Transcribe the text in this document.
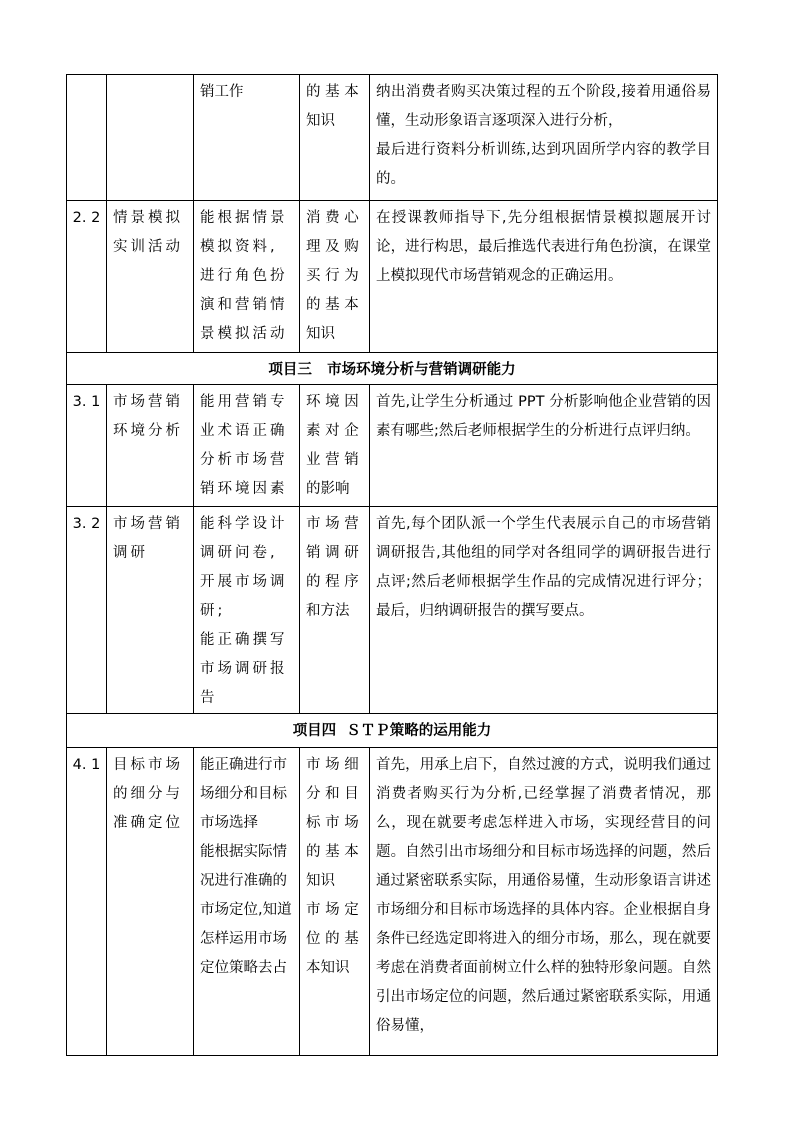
		销工作	的 基 本
知识	纳出消费者购买决策过程的五个阶段,接着用通俗易懂，生动形象语言逐项深入进行分析，
最后进行资料分析训练,达到巩固所学内容的教学目的。
2. 2	情景模拟实训活动	能根据情景模拟资料,进行角色扮演和营销情景模拟活动	消 费 心理 及 购买 行 为的 基 本知识	在授课教师指导下,先分组根据情景模拟题展开讨论，进行构思，最后推选代表进行角色扮演，在课堂上模拟现代市场营销观念的正确运用。
项目三   市场环境分析与营销调研能力				
3. 1	市场营销环境分析	能用营销专业术语正确分析市场营销环境因素	环 境 因素 对 企业 营 销的影响	首先,让学生分析通过 PPT 分析影响他企业营销的因素有哪些;然后老师根据学生的分析进行点评归纳。
3. 2	市场营销调研	能科学设计调研问卷,开展市场调研;
能正确撰写市场调研报告	市 场 营销 调 研的 程 序和方法	首先,每个团队派一个学生代表展示自己的市场营销调研报告,其他组的同学对各组同学的调研报告进行点评;然后老师根据学生作品的完成情况进行评分；最后，归纳调研报告的撰写要点。
项目四  ＳＴＰ策略的运用能力				
4. 1	目标市场的细分与准确定位	能正确进行市场细分和目标市场选择
能根据实际情况进行准确的市场定位,知道怎样运用市场定位策略去占	市 场 细分 和 目标 市 场的 基 本知识
市 场 定位 的 基本知识	首先，用承上启下，自然过渡的方式，说明我们通过消费者购买行为分析,已经掌握了消费者情况，那么，现在就要考虑怎样进入市场，实现经营目的问题。自然引出市场细分和目标市场选择的问题，然后通过紧密联系实际，用通俗易懂，生动形象语言讲述市场细分和目标市场选择的具体内容。企业根据自身条件已经选定即将进入的细分市场，那么，现在就要考虑在消费者面前树立什么样的独特形象问题。自然引出市场定位的问题，然后通过紧密联系实际，用通俗易懂，
